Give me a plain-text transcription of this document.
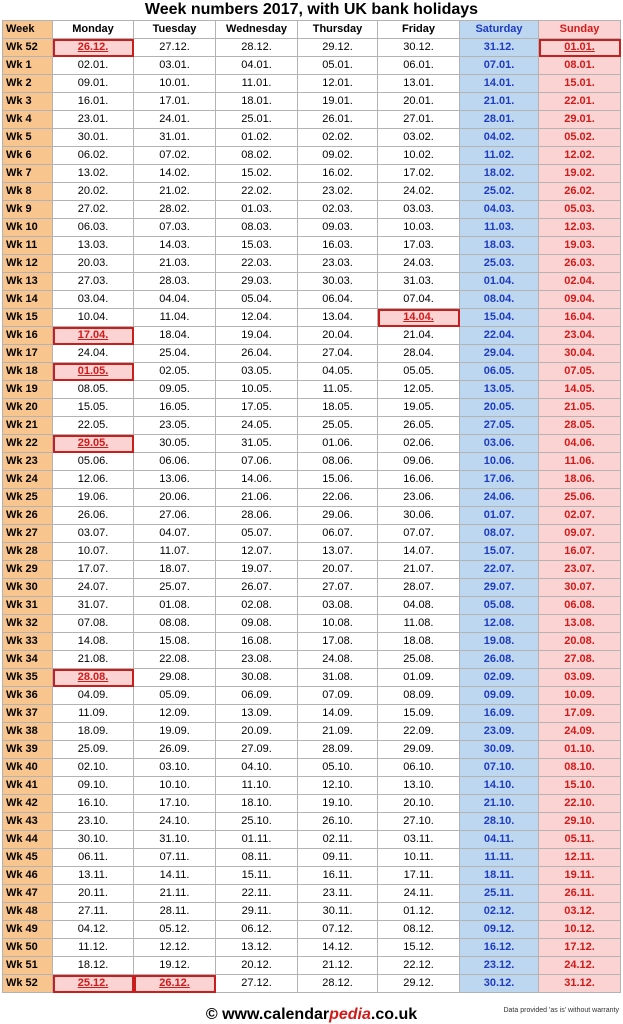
Week numbers 2017, with UK bank holidays
Week	Monday	Tuesday	Wednesday	Thursday	Friday	Saturday	Sunday
Wk 52	26.12.	27.12.	28.12.	29.12.	30.12.	31.12.	01.01.
Wk 1	02.01.	03.01.	04.01.	05.01.	06.01.	07.01.	08.01.
Wk 2	09.01.	10.01.	11.01.	12.01.	13.01.	14.01.	15.01.
Wk 3	16.01.	17.01.	18.01.	19.01.	20.01.	21.01.	22.01.
Wk 4	23.01.	24.01.	25.01.	26.01.	27.01.	28.01.	29.01.
Wk 5	30.01.	31.01.	01.02.	02.02.	03.02.	04.02.	05.02.
Wk 6	06.02.	07.02.	08.02.	09.02.	10.02.	11.02.	12.02.
Wk 7	13.02.	14.02.	15.02.	16.02.	17.02.	18.02.	19.02.
Wk 8	20.02.	21.02.	22.02.	23.02.	24.02.	25.02.	26.02.
Wk 9	27.02.	28.02.	01.03.	02.03.	03.03.	04.03.	05.03.
Wk 10	06.03.	07.03.	08.03.	09.03.	10.03.	11.03.	12.03.
Wk 11	13.03.	14.03.	15.03.	16.03.	17.03.	18.03.	19.03.
Wk 12	20.03.	21.03.	22.03.	23.03.	24.03.	25.03.	26.03.
Wk 13	27.03.	28.03.	29.03.	30.03.	31.03.	01.04.	02.04.
Wk 14	03.04.	04.04.	05.04.	06.04.	07.04.	08.04.	09.04.
Wk 15	10.04.	11.04.	12.04.	13.04.	14.04.	15.04.	16.04.
Wk 16	17.04.	18.04.	19.04.	20.04.	21.04.	22.04.	23.04.
Wk 17	24.04.	25.04.	26.04.	27.04.	28.04.	29.04.	30.04.
Wk 18	01.05.	02.05.	03.05.	04.05.	05.05.	06.05.	07.05.
Wk 19	08.05.	09.05.	10.05.	11.05.	12.05.	13.05.	14.05.
Wk 20	15.05.	16.05.	17.05.	18.05.	19.05.	20.05.	21.05.
Wk 21	22.05.	23.05.	24.05.	25.05.	26.05.	27.05.	28.05.
Wk 22	29.05.	30.05.	31.05.	01.06.	02.06.	03.06.	04.06.
Wk 23	05.06.	06.06.	07.06.	08.06.	09.06.	10.06.	11.06.
Wk 24	12.06.	13.06.	14.06.	15.06.	16.06.	17.06.	18.06.
Wk 25	19.06.	20.06.	21.06.	22.06.	23.06.	24.06.	25.06.
Wk 26	26.06.	27.06.	28.06.	29.06.	30.06.	01.07.	02.07.
Wk 27	03.07.	04.07.	05.07.	06.07.	07.07.	08.07.	09.07.
Wk 28	10.07.	11.07.	12.07.	13.07.	14.07.	15.07.	16.07.
Wk 29	17.07.	18.07.	19.07.	20.07.	21.07.	22.07.	23.07.
Wk 30	24.07.	25.07.	26.07.	27.07.	28.07.	29.07.	30.07.
Wk 31	31.07.	01.08.	02.08.	03.08.	04.08.	05.08.	06.08.
Wk 32	07.08.	08.08.	09.08.	10.08.	11.08.	12.08.	13.08.
Wk 33	14.08.	15.08.	16.08.	17.08.	18.08.	19.08.	20.08.
Wk 34	21.08.	22.08.	23.08.	24.08.	25.08.	26.08.	27.08.
Wk 35	28.08.	29.08.	30.08.	31.08.	01.09.	02.09.	03.09.
Wk 36	04.09.	05.09.	06.09.	07.09.	08.09.	09.09.	10.09.
Wk 37	11.09.	12.09.	13.09.	14.09.	15.09.	16.09.	17.09.
Wk 38	18.09.	19.09.	20.09.	21.09.	22.09.	23.09.	24.09.
Wk 39	25.09.	26.09.	27.09.	28.09.	29.09.	30.09.	01.10.
Wk 40	02.10.	03.10.	04.10.	05.10.	06.10.	07.10.	08.10.
Wk 41	09.10.	10.10.	11.10.	12.10.	13.10.	14.10.	15.10.
Wk 42	16.10.	17.10.	18.10.	19.10.	20.10.	21.10.	22.10.
Wk 43	23.10.	24.10.	25.10.	26.10.	27.10.	28.10.	29.10.
Wk 44	30.10.	31.10.	01.11.	02.11.	03.11.	04.11.	05.11.
Wk 45	06.11.	07.11.	08.11.	09.11.	10.11.	11.11.	12.11.
Wk 46	13.11.	14.11.	15.11.	16.11.	17.11.	18.11.	19.11.
Wk 47	20.11.	21.11.	22.11.	23.11.	24.11.	25.11.	26.11.
Wk 48	27.11.	28.11.	29.11.	30.11.	01.12.	02.12.	03.12.
Wk 49	04.12.	05.12.	06.12.	07.12.	08.12.	09.12.	10.12.
Wk 50	11.12.	12.12.	13.12.	14.12.	15.12.	16.12.	17.12.
Wk 51	18.12.	19.12.	20.12.	21.12.	22.12.	23.12.	24.12.
Wk 52	25.12.	26.12.	27.12.	28.12.	29.12.	30.12.	31.12.
© www.calendarpedia.co.uk	Data provided 'as is' without warranty
